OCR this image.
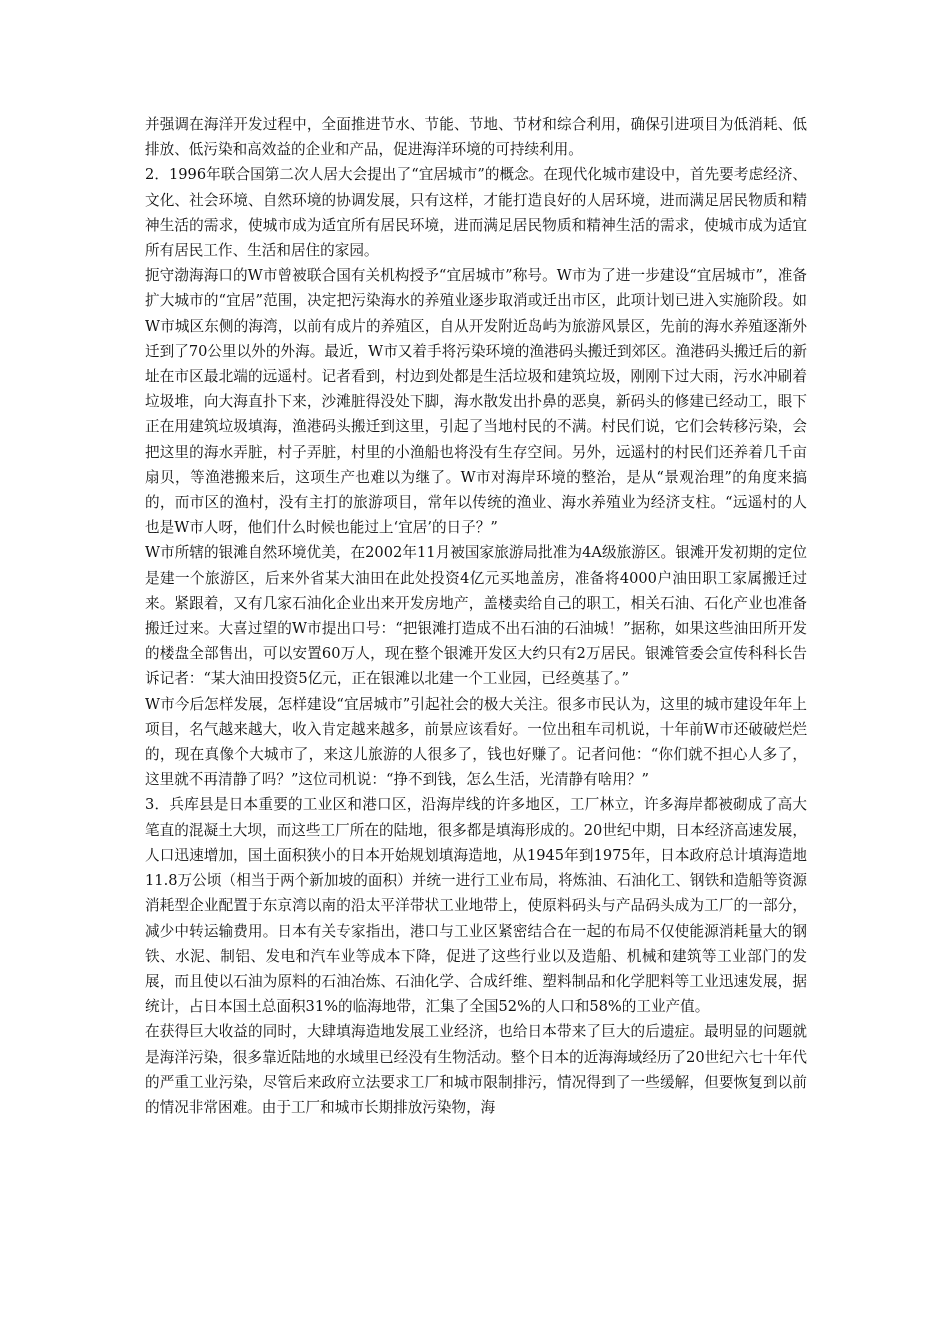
并强调在海洋开发过程中，全面推进节水、节能、节地、节材和综合利用，确保引进项目为低消耗、低排放、低污染和高效益的企业和产品，促进海洋环境的可持续利用。

2．1996年联合国第二次人居大会提出了“宜居城市”的概念。在现代化城市建设中，首先要考虑经济、文化、社会环境、自然环境的协调发展，只有这样，才能打造良好的人居环境，进而满足居民物质和精神生活的需求，使城市成为适宜所有居民环境，进而满足居民物质和精神生活的需求，使城市成为适宜所有居民工作、生活和居住的家园。

扼守渤海海口的W市曾被联合国有关机构授予“宜居城市”称号。W市为了进一步建设“宜居城市”，准备扩大城市的“宜居”范围，决定把污染海水的养殖业逐步取消或迁出市区，此项计划已进入实施阶段。如W市城区东侧的海湾，以前有成片的养殖区，自从开发附近岛屿为旅游风景区，先前的海水养殖逐渐外迁到了70公里以外的外海。最近，W市又着手将污染环境的渔港码头搬迁到郊区。渔港码头搬迁后的新址在市区最北端的远遥村。记者看到，村边到处都是生活垃圾和建筑垃圾，刚刚下过大雨，污水冲刷着垃圾堆，向大海直扑下来，沙滩脏得没处下脚，海水散发出扑鼻的恶臭，新码头的修建已经动工，眼下正在用建筑垃圾填海，渔港码头搬迁到这里，引起了当地村民的不满。村民们说，它们会转移污染，会把这里的海水弄脏，村子弄脏，村里的小渔船也将没有生存空间。另外，远遥村的村民们还养着几千亩扇贝，等渔港搬来后，这项生产也难以为继了。W市对海岸环境的整治，是从“景观治理”的角度来搞的，而市区的渔村，没有主打的旅游项目，常年以传统的渔业、海水养殖业为经济支柱。“远遥村的人也是W市人呀，他们什么时候也能过上‘宜居’的日子？”

W市所辖的银滩自然环境优美，在2002年11月被国家旅游局批准为4A级旅游区。银滩开发初期的定位是建一个旅游区，后来外省某大油田在此处投资4亿元买地盖房，准备将4000户油田职工家属搬迁过来。紧跟着，又有几家石油化企业出来开发房地产，盖楼卖给自己的职工，相关石油、石化产业也准备搬迁过来。大喜过望的W市提出口号：“把银滩打造成不出石油的石油城！”据称，如果这些油田所开发的楼盘全部售出，可以安置60万人，现在整个银滩开发区大约只有2万居民。银滩管委会宣传科科长告诉记者：“某大油田投资5亿元，正在银滩以北建一个工业园，已经奠基了。”

W市今后怎样发展，怎样建设“宜居城市”引起社会的极大关注。很多市民认为，这里的城市建设年年上项目，名气越来越大，收入肯定越来越多，前景应该看好。一位出租车司机说，十年前W市还破破烂烂的，现在真像个大城市了，来这儿旅游的人很多了，钱也好赚了。记者问他：“你们就不担心人多了，这里就不再清静了吗？”这位司机说：“挣不到钱，怎么生活，光清静有啥用？”

3．兵库县是日本重要的工业区和港口区，沿海岸线的许多地区，工厂林立，许多海岸都被砌成了高大笔直的混凝土大坝，而这些工厂所在的陆地，很多都是填海形成的。20世纪中期，日本经济高速发展，人口迅速增加，国土面积狭小的日本开始规划填海造地，从1945年到1975年，日本政府总计填海造地11.8万公顷（相当于两个新加坡的面积）并统一进行工业布局，将炼油、石油化工、钢铁和造船等资源消耗型企业配置于东京湾以南的沿太平洋带状工业地带上，使原料码头与产品码头成为工厂的一部分，减少中转运输费用。日本有关专家指出，港口与工业区紧密结合在一起的布局不仅使能源消耗量大的钢铁、水泥、制铝、发电和汽车业等成本下降，促进了这些行业以及造船、机械和建筑等工业部门的发展，而且使以石油为原料的石油冶炼、石油化学、合成纤维、塑料制品和化学肥料等工业迅速发展，据统计，占日本国土总面积31%的临海地带，汇集了全国52%的人口和58%的工业产值。

在获得巨大收益的同时，大肆填海造地发展工业经济，也给日本带来了巨大的后遗症。最明显的问题就是海洋污染，很多靠近陆地的水域里已经没有生物活动。整个日本的近海海域经历了20世纪六七十年代的严重工业污染，尽管后来政府立法要求工厂和城市限制排污，情况得到了一些缓解，但要恢复到以前的情况非常困难。由于工厂和城市长期排放污染物，海
